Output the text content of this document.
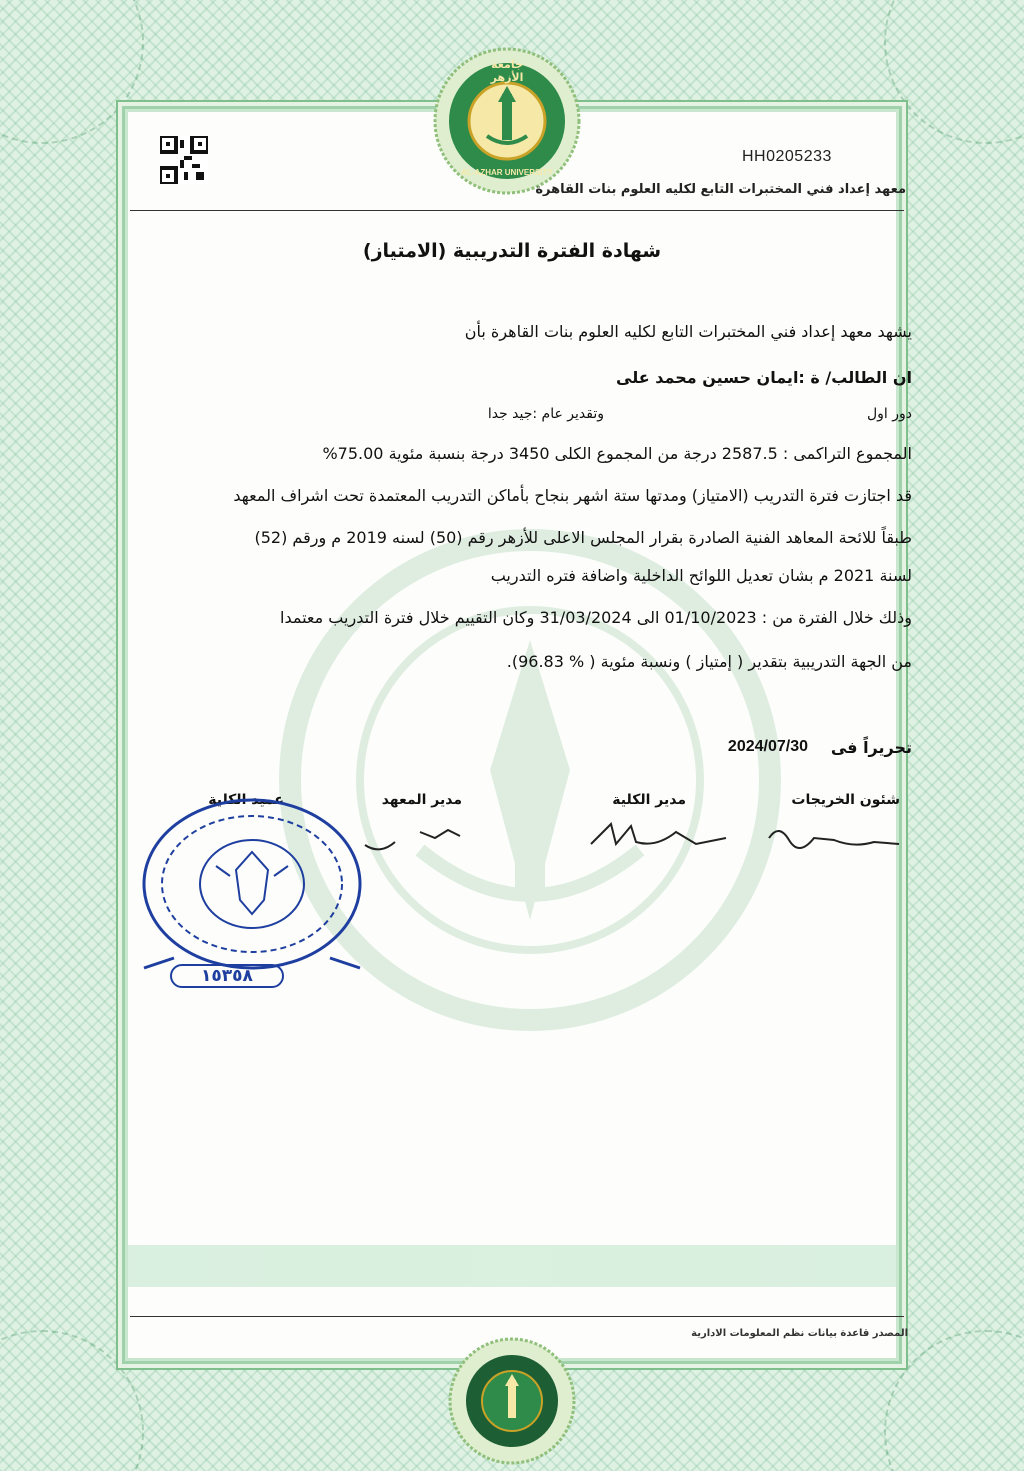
جامعة الأزهر
AL-AZHAR UNIVERSITY
HH0205233
معهد إعداد فني المختبرات التابع لكليه العلوم بنات القاهرة
شهادة الفترة التدريبية (الامتياز)
يشهد معهد إعداد فني المختبرات التابع لكليه العلوم بنات القاهرة بأن
ان الطالب/ ة :ايمان حسين محمد على
دور اول
وتقدير عام :جيد جدا
المجموع التراكمى : 2587.5 درجة من المجموع الكلى 3450 درجة بنسبة مئوية 75.00%
قد اجتازت فترة التدريب (الامتياز) ومدتها ستة اشهر بنجاح بأماكن التدريب المعتمدة تحت اشراف المعهد
طبقاً للائحة المعاهد الفنية الصادرة بقرار المجلس الاعلى للأزهر رقم (50) لسنه 2019 م ورقم (52)
لسنة 2021 م بشان تعديل اللوائح الداخلية واضافة فتره التدريب
وذلك خلال الفترة من : 01/10/2023 الى 31/03/2024 وكان التقييم خلال فترة التدريب معتمدا
من الجهة التدريبية بتقدير ( إمتياز ) ونسبة مئوية ( % 96.83).
تحريراً فى
2024/07/30
شئون الخريجات
مدير الكلية
مدير المعهد
عميد الكلية
١٥٣٥٨
المصدر قاعدة بيانات نظم المعلومات الادارية
